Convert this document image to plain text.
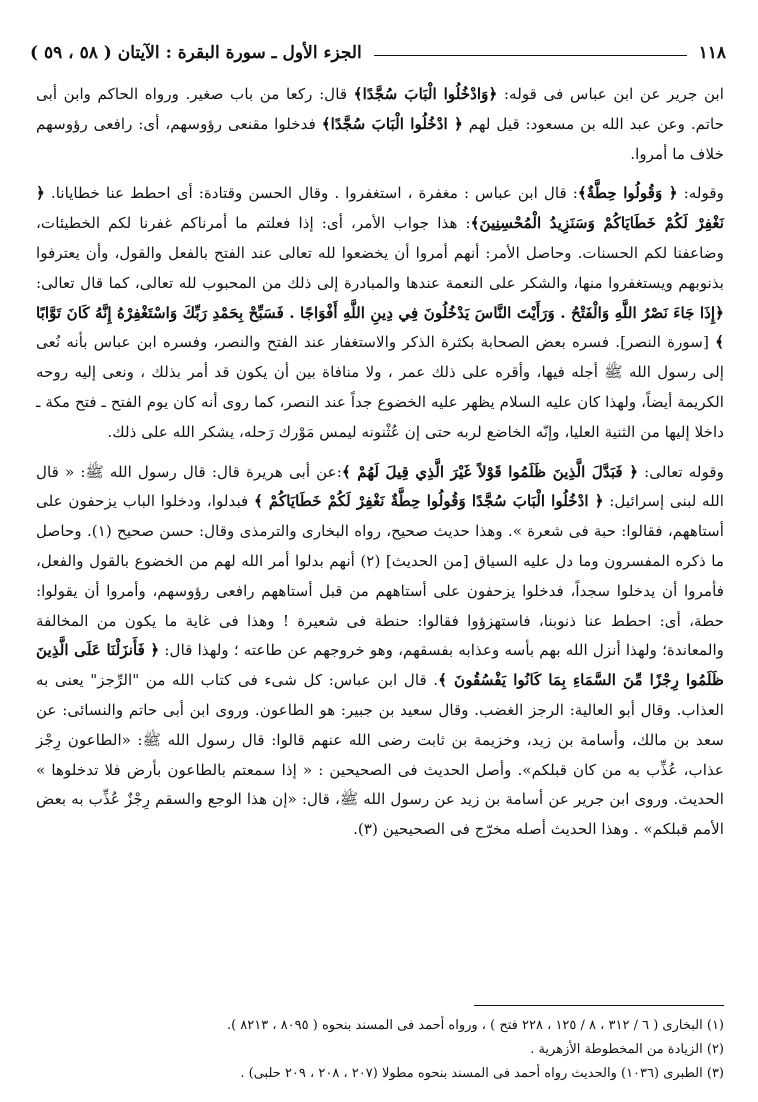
١١٨
الجزء الأول ـ سورة البقرة : الآيتان ( ٥٨ ، ٥٩ )

ابن جرير عن ابن عباس فى قوله: ﴿وَادْخُلُوا الْبَابَ سُجَّدًا﴾ قال: ركعا من باب صغير. ورواه الحاكم وابن أبى حاتم. وعن عبد الله بن مسعود: قيل لهم ﴿ ادْخُلُوا الْبَابَ سُجَّدًا﴾ فدخلوا مقنعى رؤوسهم، أى: رافعى رؤوسهم خلاف ما أمروا.

وقوله: ﴿ وَقُولُوا حِطَّةٌ﴾: قال ابن عباس : مغفرة ، استغفروا . وقال الحسن وقتادة: أى احطط عنا خطايانا. ﴿ نَغْفِرْ لَكُمْ خَطَايَاكُمْ وَسَنَزِيدُ الْمُحْسِنِينَ﴾: هذا جواب الأمر، أى: إذا فعلتم ما أمرناكم غفرنا لكم الخطيئات، وضاعفنا لكم الحسنات. وحاصل الأمر: أنهم أمروا أن يخضعوا لله تعالى عند الفتح بالفعل والقول، وأن يعترفوا بذنوبهم ويستغفروا منها، والشكر على النعمة عندها والمبادرة إلى ذلك من المحبوب لله تعالى، كما قال تعالى: ﴿إِذَا جَاءَ نَصْرُ اللَّهِ وَالْفَتْحُ . وَرَأَيْتَ النَّاسَ يَدْخُلُونَ فِي دِينِ اللَّهِ أَفْوَاجًا . فَسَبِّحْ بِحَمْدِ رَبِّكَ وَاسْتَغْفِرْهُ إِنَّهُ كَانَ تَوَّابًا ﴾ [سورة النصر]. فسره بعض الصحابة بكثرة الذكر والاستغفار عند الفتح والنصر، وفسره ابن عباس بأنه نُعى إلى رسول الله ﷺ أجله فيها، وأقره على ذلك عمر ، ولا منافاة بين أن يكون قد أمر بذلك ، ونعى إليه روحه الكريمة أيضاً، ولهذا كان عليه السلام يظهر عليه الخضوع جداً عند النصر، كما روى أنه كان يوم الفتح ـ فتح مكة ـ داخلا إليها من الثنية العليا، وإنّه الخاضع لربه حتى إن عُثْنونه ليمس مَوْرك رَحله، يشكر الله على ذلك.

وقوله تعالى: ﴿ فَبَدَّلَ الَّذِينَ ظَلَمُوا قَوْلاً غَيْرَ الَّذِي قِيلَ لَهُمْ ﴾:عن أبى هريرة قال: قال رسول الله ﷺ: « قال الله لبنى إسرائيل: ﴿ ادْخُلُوا الْبَابَ سُجَّدًا وَقُولُوا حِطَّةٌ نَغْفِرْ لَكُمْ خَطَايَاكُمْ ﴾ فبدلوا، ودخلوا الباب يزحفون على أستاههم، فقالوا: حبة فى شعرة ». وهذا حديث صحيح، رواه البخارى والترمذى وقال: حسن صحيح (١). وحاصل ما ذكره المفسرون وما دل عليه السياق [من الحديث] (٢) أنهم بدلوا أمر الله لهم من الخضوع بالقول والفعل، فأمروا أن يدخلوا سجداً، فدخلوا يزحفون على أستاههم من قبل أستاههم رافعى رؤوسهم، وأمروا أن يقولوا: حطة، أى: احطط عنا ذنوبنا، فاستهزؤوا فقالوا: حنطة فى شعيرة ! وهذا فى غاية ما يكون من المخالفة والمعاندة؛ ولهذا أنزل الله بهم بأسه وعذابه بفسقهم، وهو خروجهم عن طاعته ؛ ولهذا قال: ﴿ فَأَنزَلْنَا عَلَى الَّذِينَ ظَلَمُوا رِجْزًا مِّنَ السَّمَاءِ بِمَا كَانُوا يَفْسُقُونَ ﴾. قال ابن عباس: كل شىء فى كتاب الله من "الرِّجز" يعنى به العذاب. وقال أبو العالية: الرجز الغضب. وقال سعيد بن جبير: هو الطاعون. وروى ابن أبى حاتم والنسائى: عن سعد بن مالك، وأسامة بن زيد، وخزيمة بن ثابت رضى الله عنهم قالوا: قال رسول الله ﷺ: «الطاعون رِجْز عذاب، عُذِّب به من كان قبلكم». وأصل الحديث فى الصحيحين : « إذا سمعتم بالطاعون بأرض فلا تدخلوها » الحديث. وروى ابن جرير عن أسامة بن زيد عن رسول الله ﷺ، قال: «إن هذا الوجع والسقم رِجْزٌ عُذِّب به بعض الأمم قبلكم» . وهذا الحديث أصله مخرّج فى الصحيحين (٣).

(١) البخارى ( ٦ / ٣١٢ ، ٨ / ١٢٥ ، ٢٢٨ فتح ) ، ورواه أحمد فى المسند بنحوه ( ٨٠٩٥ ، ٨٢١٣ ).
(٢) الزيادة من المخطوطة الأزهرية .
(٣) الطبرى (١٠٣٦) والحديث رواه أحمد فى المسند بنحوه مطولا (٢٠٧ ، ٢٠٨ ، ٢٠٩ حلبى) .
